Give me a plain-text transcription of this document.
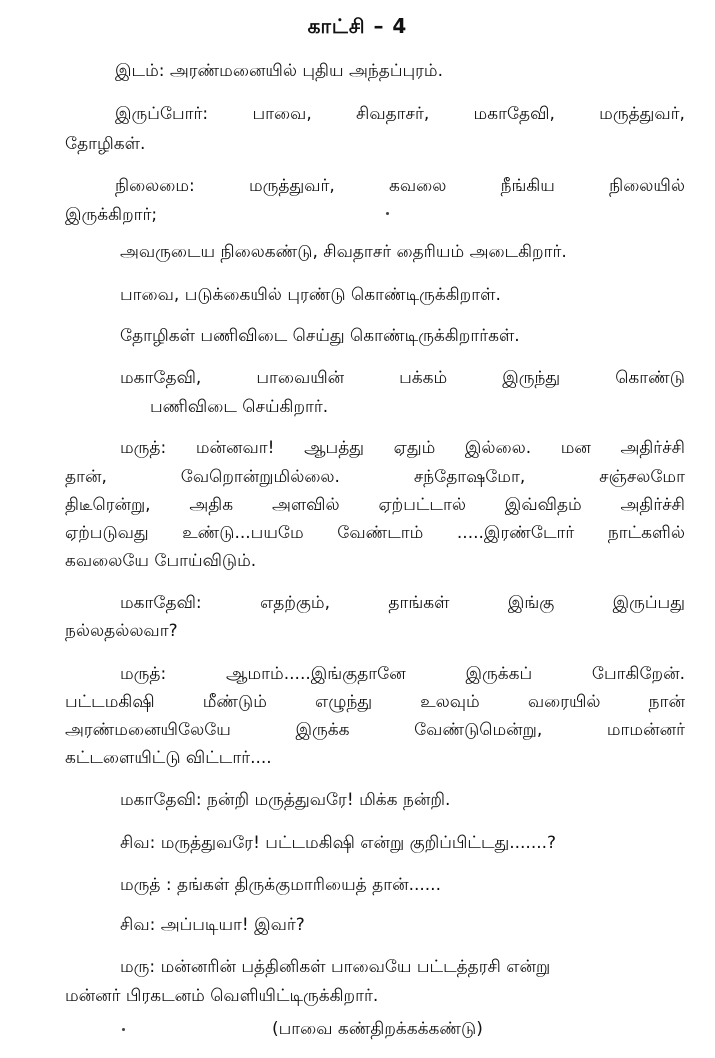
காட்சி – 4
இடம்: அரண்மனையில் புதிய அந்தப்புரம்.
இருப்போர்:	பாவை,	சிவதாசர்,	மகாதேவி,	மருத்துவர்,
தோழிகள்.
நிலைமை:	மருத்துவர்,	கவலை	நீங்கிய	நிலையில்
இருக்கிறார்;
அவருடைய நிலைகண்டு, சிவதாசர் தைரியம் அடைகிறார்.
பாவை, படுக்கையில் புரண்டு கொண்டிருக்கிறாள்.
தோழிகள் பணிவிடை செய்து கொண்டிருக்கிறார்கள்.
மகாதேவி,	பாவையின்	பக்கம்	இருந்து	கொண்டு
பணிவிடை செய்கிறார்.
மருத்: மன்னவா! ஆபத்து ஏதும் இல்லை. மன அதிர்ச்சி
தான்,	வேறொன்றுமில்லை.	சந்தோஷமோ,	சஞ்சலமோ
திடீரென்று, அதிக அளவில் ஏற்பட்டால் இவ்விதம் அதிர்ச்சி
ஏற்படுவது உண்டு...பயமே வேண்டாம் .....இரண்டோர் நாட்களில்
கவலையே போய்விடும்.
மகாதேவி:	எதற்கும்,	தாங்கள்	இங்கு	இருப்பது
நல்லதல்லவா?
மருத்:	ஆமாம்.....இங்குதானே	இருக்கப்	போகிறேன்.
பட்டமகிஷி	மீண்டும்	எழுந்து	உலவும்	வரையில்	நான்
அரண்மனையிலேயே	இருக்க	வேண்டுமென்று,	மாமன்னர்
கட்டளையிட்டு விட்டார்....
மகாதேவி: நன்றி மருத்துவரே! மிக்க நன்றி.
சிவ: மருத்துவரே! பட்டமகிஷி என்று குறிப்பிட்டது.......?
மருத் : தங்கள் திருக்குமாரியைத் தான்......
சிவ: அப்படியா! இவர்?
மரு: மன்னரின் பத்தினிகள் பாவையே பட்டத்தரசி என்று
மன்னர் பிரகடனம் வெளியிட்டிருக்கிறார்.
(பாவை கண்திறக்கக்கண்டு)
